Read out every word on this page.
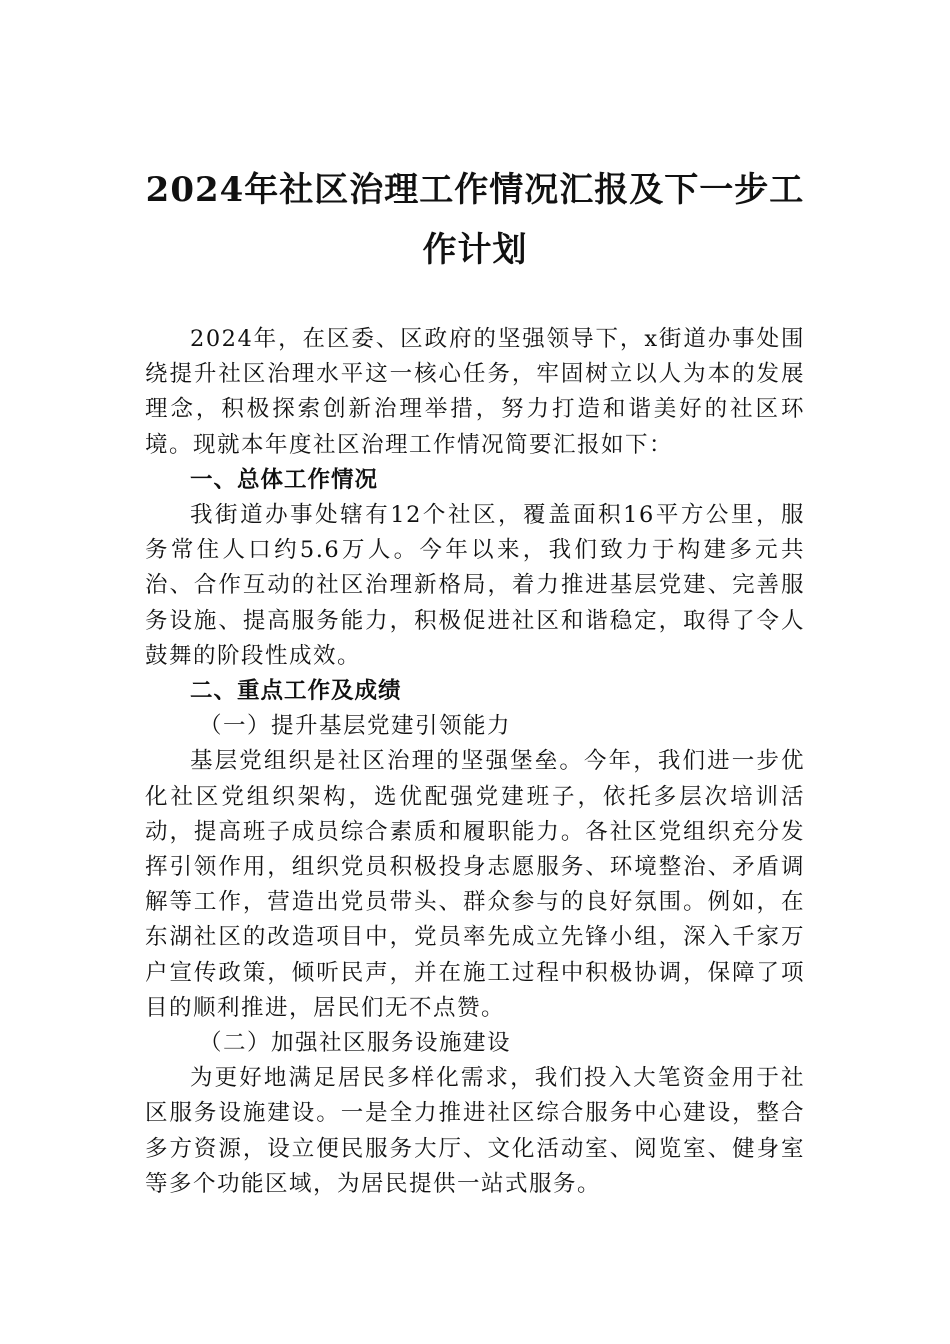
2024年社区治理工作情况汇报及下一步工作计划

2024年，在区委、区政府的坚强领导下，x街道办事处围绕提升社区治理水平这一核心任务，牢固树立以人为本的发展理念，积极探索创新治理举措，努力打造和谐美好的社区环境。现就本年度社区治理工作情况简要汇报如下：

一、总体工作情况

我街道办事处辖有12个社区，覆盖面积16平方公里，服务常住人口约5.6万人。今年以来，我们致力于构建多元共治、合作互动的社区治理新格局，着力推进基层党建、完善服务设施、提高服务能力，积极促进社区和谐稳定，取得了令人鼓舞的阶段性成效。

二、重点工作及成绩
（一）提升基层党建引领能力

基层党组织是社区治理的坚强堡垒。今年，我们进一步优化社区党组织架构，选优配强党建班子，依托多层次培训活动，提高班子成员综合素质和履职能力。各社区党组织充分发挥引领作用，组织党员积极投身志愿服务、环境整治、矛盾调解等工作，营造出党员带头、群众参与的良好氛围。例如，在东湖社区的改造项目中，党员率先成立先锋小组，深入千家万户宣传政策，倾听民声，并在施工过程中积极协调，保障了项目的顺利推进，居民们无不点赞。

（二）加强社区服务设施建设

为更好地满足居民多样化需求，我们投入大笔资金用于社区服务设施建设。一是全力推进社区综合服务中心建设，整合多方资源，设立便民服务大厅、文化活动室、阅览室、健身室等多个功能区域，为居民提供一站式服务。
